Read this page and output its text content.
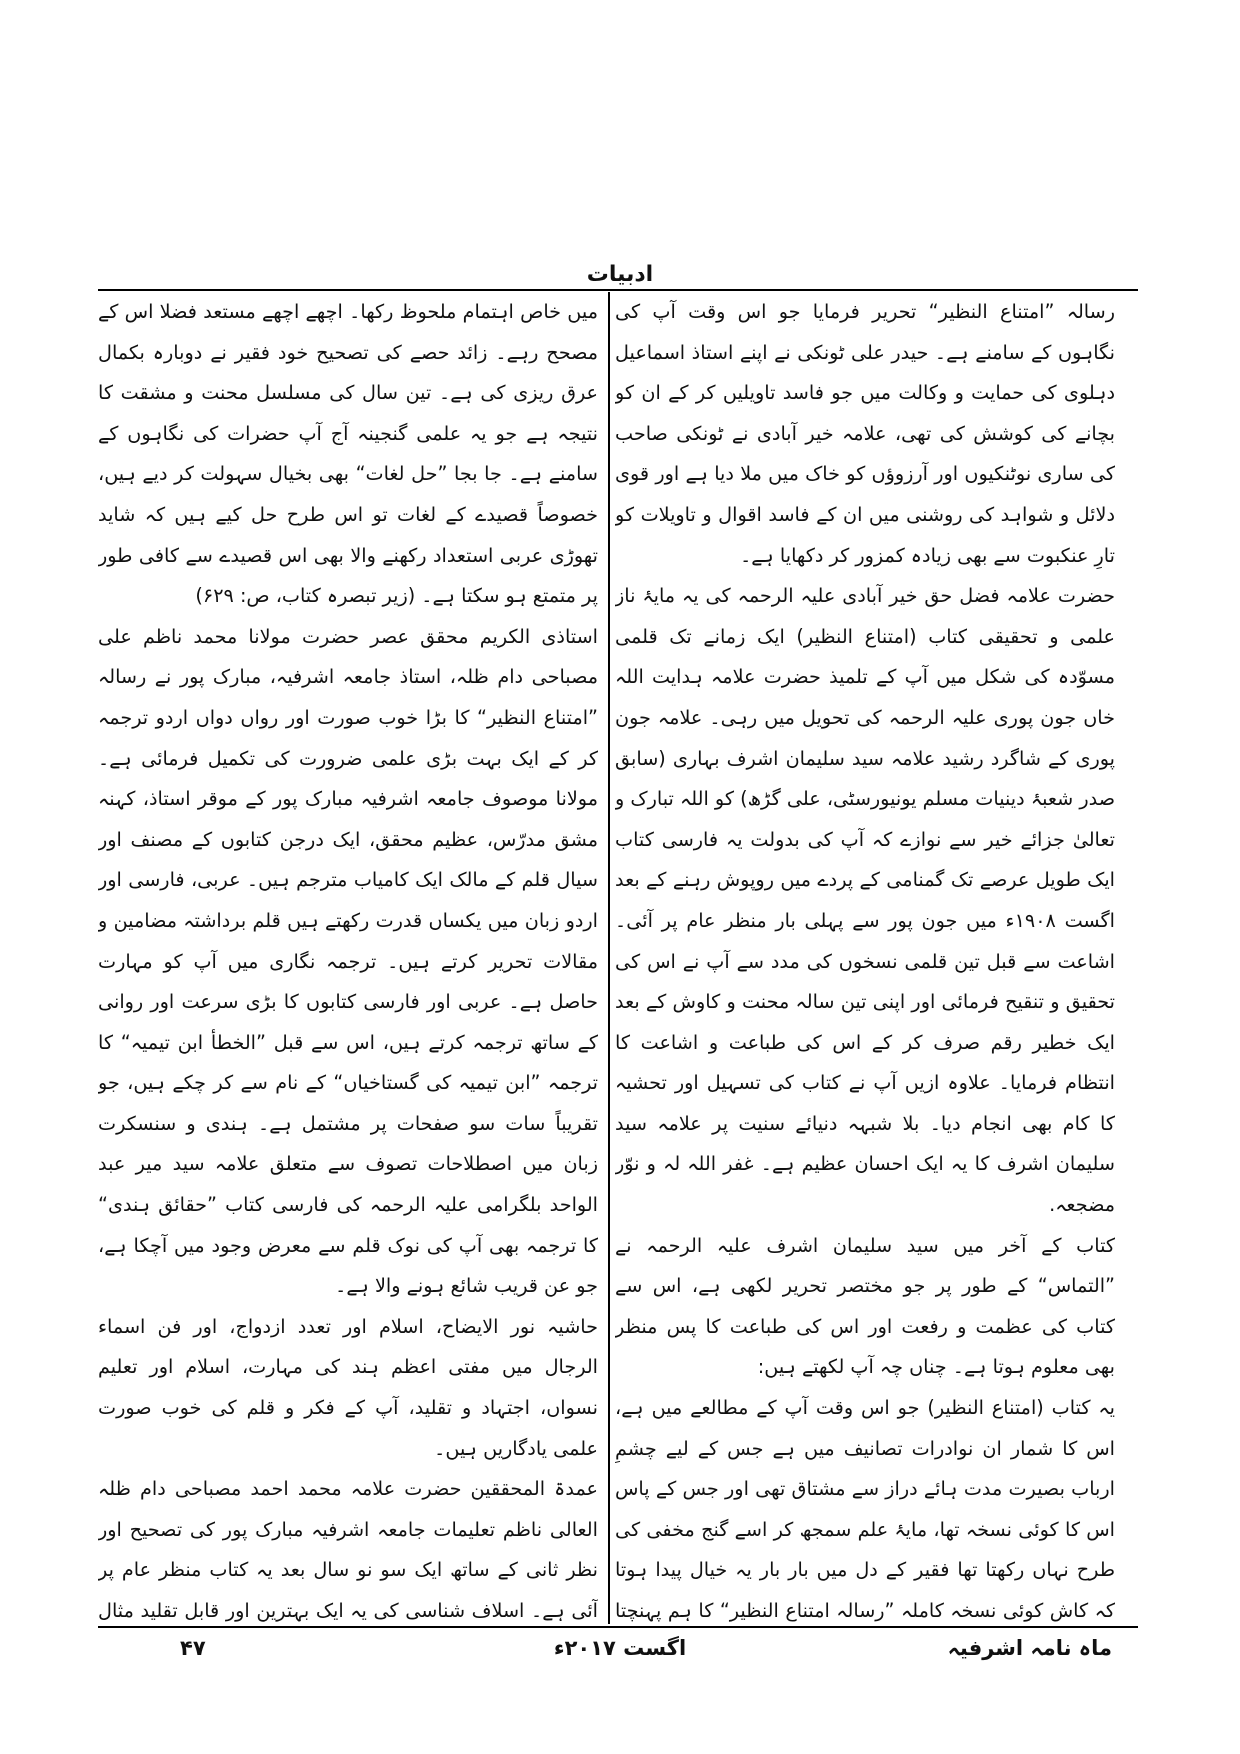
ادبیات

رسالہ ”امتناع النظیر“ تحریر فرمایا جو اس وقت آپ کی نگاہوں کے سامنے ہے۔ حیدر علی ٹونکی نے اپنے استاذ اسماعیل دہلوی کی حمایت و وکالت میں جو فاسد تاویلیں کر کے ان کو بچانے کی کوشش کی تھی، علامہ خیر آبادی نے ٹونکی صاحب کی ساری نوٹنکیوں اور آرزوؤں کو خاک میں ملا دیا ہے اور قوی دلائل و شواہد کی روشنی میں ان کے فاسد اقوال و تاویلات کو تارِ عنکبوت سے بھی زیادہ کمزور کر دکھایا ہے۔

حضرت علامہ فضل حق خیر آبادی علیہ الرحمہ کی یہ مایۂ ناز علمی و تحقیقی کتاب (امتناع النظیر) ایک زمانے تک قلمی مسوّدہ کی شکل میں آپ کے تلمیذ حضرت علامہ ہدایت اللہ خاں جون پوری علیہ الرحمہ کی تحویل میں رہی۔ علامہ جون پوری کے شاگرد رشید علامہ سید سلیمان اشرف بہاری (سابق صدر شعبۂ دینیات مسلم یونیورسٹی، علی گڑھ) کو اللہ تبارک و تعالیٰ جزائے خیر سے نوازے کہ آپ کی بدولت یہ فارسی کتاب ایک طویل عرصے تک گمنامی کے پردے میں روپوش رہنے کے بعد اگست ۱۹۰۸ء میں جون پور سے پہلی بار منظر عام پر آئی۔ اشاعت سے قبل تین قلمی نسخوں کی مدد سے آپ نے اس کی تحقیق و تنقیح فرمائی اور اپنی تین سالہ محنت و کاوش کے بعد ایک خطیر رقم صرف کر کے اس کی طباعت و اشاعت کا انتظام فرمایا۔ علاوہ ازیں آپ نے کتاب کی تسہیل اور تحشیہ کا کام بھی انجام دیا۔ بلا شبہہ دنیائے سنیت پر علامہ سید سلیمان اشرف کا یہ ایک احسان عظیم ہے۔ غفر اللہ لہ و نوّر مضجعہ.

کتاب کے آخر میں سید سلیمان اشرف علیہ الرحمہ نے ”التماس“ کے طور پر جو مختصر تحریر لکھی ہے، اس سے کتاب کی عظمت و رفعت اور اس کی طباعت کا پس منظر بھی معلوم ہوتا ہے۔ چناں چہ آپ لکھتے ہیں:

یہ کتاب (امتناع النظیر) جو اس وقت آپ کے مطالعے میں ہے، اس کا شمار ان نوادرات تصانیف میں ہے جس کے لیے چشمِ ارباب بصیرت مدت ہائے دراز سے مشتاق تھی اور جس کے پاس اس کا کوئی نسخہ تھا، مایۂ علم سمجھ کر اسے گنج مخفی کی طرح نہاں رکھتا تھا فقیر کے دل میں بار بار یہ خیال پیدا ہوتا کہ کاش کوئی نسخہ کاملہ ”رسالہ امتناع النظیر“ کا ہم پہنچتا

میں خاص اہتمام ملحوظ رکھا۔ اچھے اچھے مستعد فضلا اس کے مصحح رہے۔ زائد حصے کی تصحیح خود فقیر نے دوبارہ بکمال عرق ریزی کی ہے۔ تین سال کی مسلسل محنت و مشقت کا نتیجہ ہے جو یہ علمی گنجینہ آج آپ حضرات کی نگاہوں کے سامنے ہے۔ جا بجا ”حل لغات“ بھی بخیال سہولت کر دیے ہیں، خصوصاً قصیدے کے لغات تو اس طرح حل کیے ہیں کہ شاید تھوڑی عربی استعداد رکھنے والا بھی اس قصیدے سے کافی طور پر متمتع ہو سکتا ہے۔ (زیر تبصرہ کتاب، ص: ۶۲۹)

استاذی الکریم محقق عصر حضرت مولانا محمد ناظم علی مصباحی دام ظلہ، استاذ جامعہ اشرفیہ، مبارک پور نے رسالہ ”امتناع النظیر“ کا بڑا خوب صورت اور رواں دواں اردو ترجمہ کر کے ایک بہت بڑی علمی ضرورت کی تکمیل فرمائی ہے۔ مولانا موصوف جامعہ اشرفیہ مبارک پور کے موقر استاذ، کہنہ مشق مدرّس، عظیم محقق، ایک درجن کتابوں کے مصنف اور سیال قلم کے مالک ایک کامیاب مترجم ہیں۔ عربی، فارسی اور اردو زبان میں یکساں قدرت رکھتے ہیں قلم برداشتہ مضامین و مقالات تحریر کرتے ہیں۔ ترجمہ نگاری میں آپ کو مہارت حاصل ہے۔ عربی اور فارسی کتابوں کا بڑی سرعت اور روانی کے ساتھ ترجمہ کرتے ہیں، اس سے قبل ”الخطأ ابن تیمیہ“ کا ترجمہ ”ابن تیمیہ کی گستاخیاں“ کے نام سے کر چکے ہیں، جو تقریباً سات سو صفحات پر مشتمل ہے۔ ہندی و سنسکرت زبان میں اصطلاحات تصوف سے متعلق علامہ سید میر عبد الواحد بلگرامی علیہ الرحمہ کی فارسی کتاب ”حقائق ہندی“ کا ترجمہ بھی آپ کی نوک قلم سے معرض وجود میں آچکا ہے، جو عن قریب شائع ہونے والا ہے۔

حاشیہ نور الایضاح، اسلام اور تعدد ازدواج، اور فن اسماء الرجال میں مفتی اعظم ہند کی مہارت، اسلام اور تعلیم نسواں، اجتہاد و تقلید، آپ کے فکر و قلم کی خوب صورت علمی یادگاریں ہیں۔

عمدۃ المحققین حضرت علامہ محمد احمد مصباحی دام ظلہ العالی ناظم تعلیمات جامعہ اشرفیہ مبارک پور کی تصحیح اور نظر ثانی کے ساتھ ایک سو نو سال بعد یہ کتاب منظر عام پر آئی ہے۔ اسلاف شناسی کی یہ ایک بہترین اور قابل تقلید مثال

۴۷	اگست ۲۰۱۷ء	ماہ نامہ اشرفیہ
